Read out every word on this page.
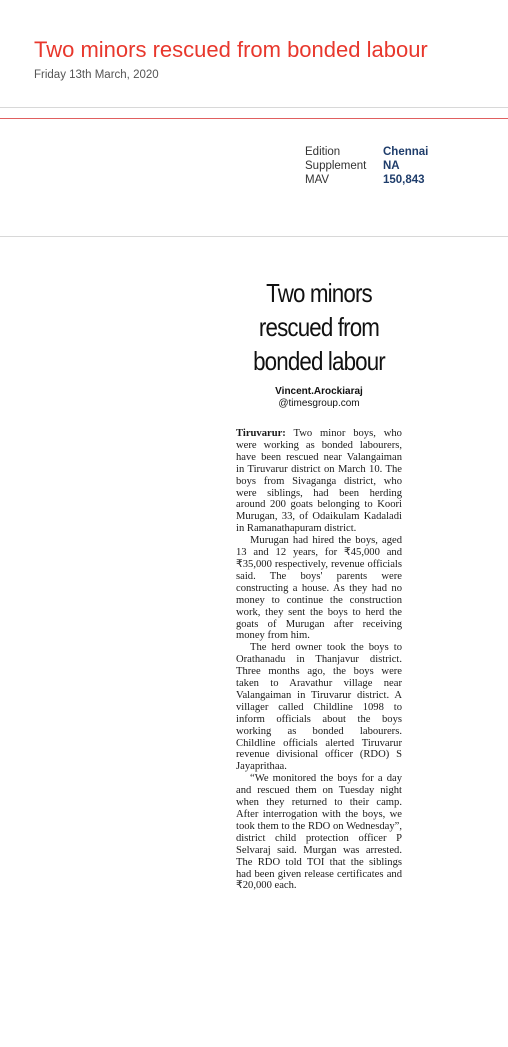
Two minors rescued from bonded labour
Friday 13th March, 2020
Edition	Chennai
Supplement	NA
MAV	150,843
Two minors
rescued from
bonded labour
Vincent.Arockiaraj
@timesgroup.com

Tiruvarur: Two minor boys, who were working as bonded labourers, have been rescued near Valangaiman in Tiruvarur district on March 10. The boys from Sivaganga district, who were siblings, had been herding around 200 goats belonging to Koori Murugan, 33, of Odaikulam Kadaladi in Ramanathapuram district.

Murugan had hired the boys, aged 13 and 12 years, for ₹45,000 and ₹35,000 respectively, revenue officials said. The boys' parents were constructing a house. As they had no money to continue the construction work, they sent the boys to herd the goats of Murugan after receiving money from him.

The herd owner took the boys to Orathanadu in Thanjavur district. Three months ago, the boys were taken to Aravathur village near Valangaiman in Tiruvarur district. A villager called Childline 1098 to inform officials about the boys working as bonded labourers. Childline officials alerted Tiruvarur revenue divisional officer (RDO) S Jayaprithaa.

“We monitored the boys for a day and rescued them on Tuesday night when they returned to their camp. After interrogation with the boys, we took them to the RDO on Wednesday”, district child protection officer P Selvaraj said. Murgan was arrested. The RDO told TOI that the siblings had been given release certificates and ₹20,000 each.
